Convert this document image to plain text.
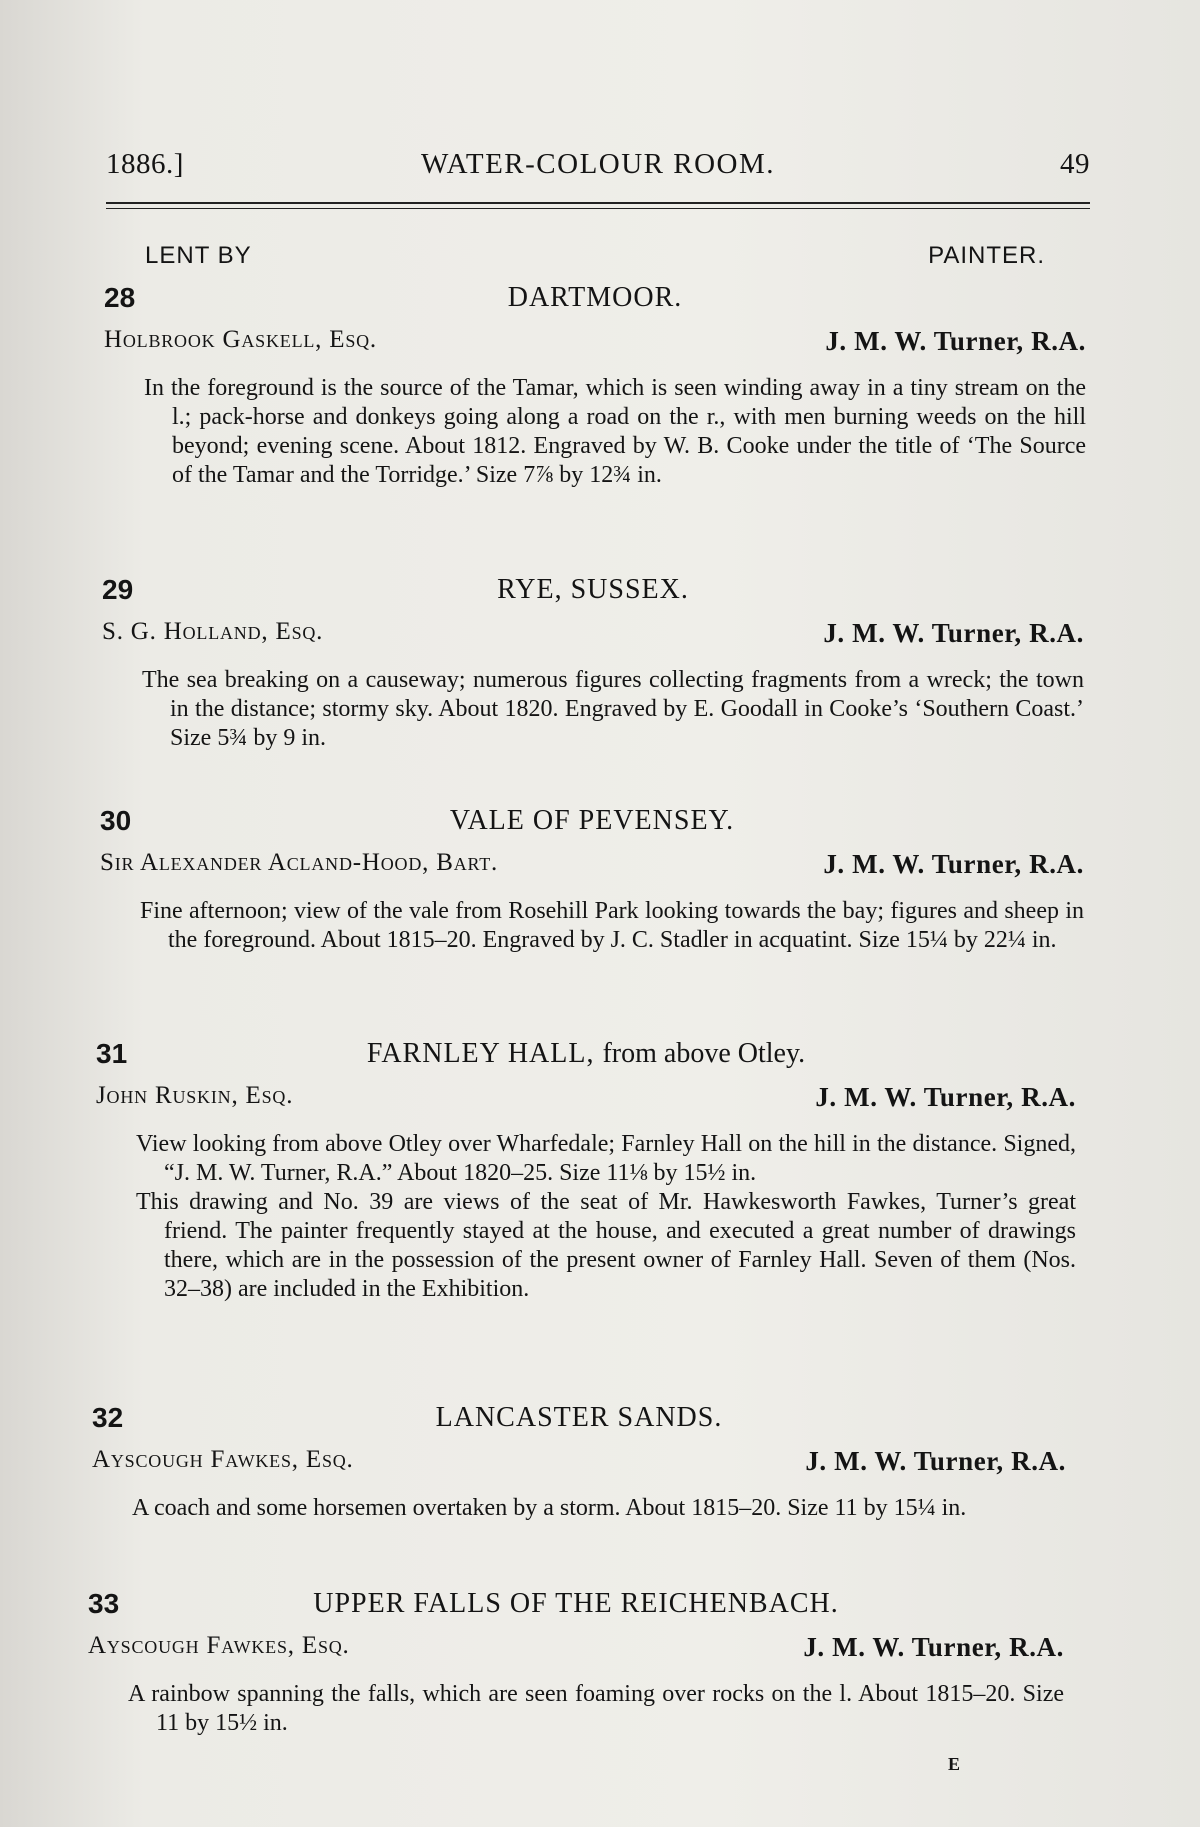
1886.]	WATER-COLOUR ROOM.	49
LENT BY	PAINTER.
28	DARTMOOR.
Holbrook Gaskell, Esq.	J. M. W. Turner, R.A.

In the foreground is the source of the Tamar, which is seen winding away in a tiny stream on the l.; pack-horse and donkeys going along a road on the r., with men burning weeds on the hill beyond; evening scene. About 1812. Engraved by W. B. Cooke under the title of ‘The Source of the Tamar and the Torridge.’ Size 7⅞ by 12¾ in.

29	RYE, SUSSEX.
S. G. Holland, Esq.	J. M. W. Turner, R.A.

The sea breaking on a causeway; numerous figures collecting fragments from a wreck; the town in the distance; stormy sky. About 1820. Engraved by E. Goodall in Cooke’s ‘Southern Coast.’ Size 5¾ by 9 in.

30	VALE OF PEVENSEY.
Sir Alexander Acland-Hood, Bart.	J. M. W. Turner, R.A.

Fine afternoon; view of the vale from Rosehill Park looking towards the bay; figures and sheep in the foreground. About 1815–20. Engraved by J. C. Stadler in acquatint. Size 15¼ by 22¼ in.

31	FARNLEY HALL, from above Otley.
John Ruskin, Esq.	J. M. W. Turner, R.A.

View looking from above Otley over Wharfedale; Farnley Hall on the hill in the distance. Signed, “J. M. W. Turner, R.A.” About 1820–25. Size 11⅛ by 15½ in.

This drawing and No. 39 are views of the seat of Mr. Hawkesworth Fawkes, Turner’s great friend. The painter frequently stayed at the house, and executed a great number of drawings there, which are in the possession of the present owner of Farnley Hall. Seven of them (Nos. 32–38) are included in the Exhibition.

32	LANCASTER SANDS.
Ayscough Fawkes, Esq.	J. M. W. Turner, R.A.

A coach and some horsemen overtaken by a storm. About 1815–20. Size 11 by 15¼ in.

33	UPPER FALLS OF THE REICHENBACH.
Ayscough Fawkes, Esq.	J. M. W. Turner, R.A.

A rainbow spanning the falls, which are seen foaming over rocks on the l. About 1815–20. Size 11 by 15½ in.

E
